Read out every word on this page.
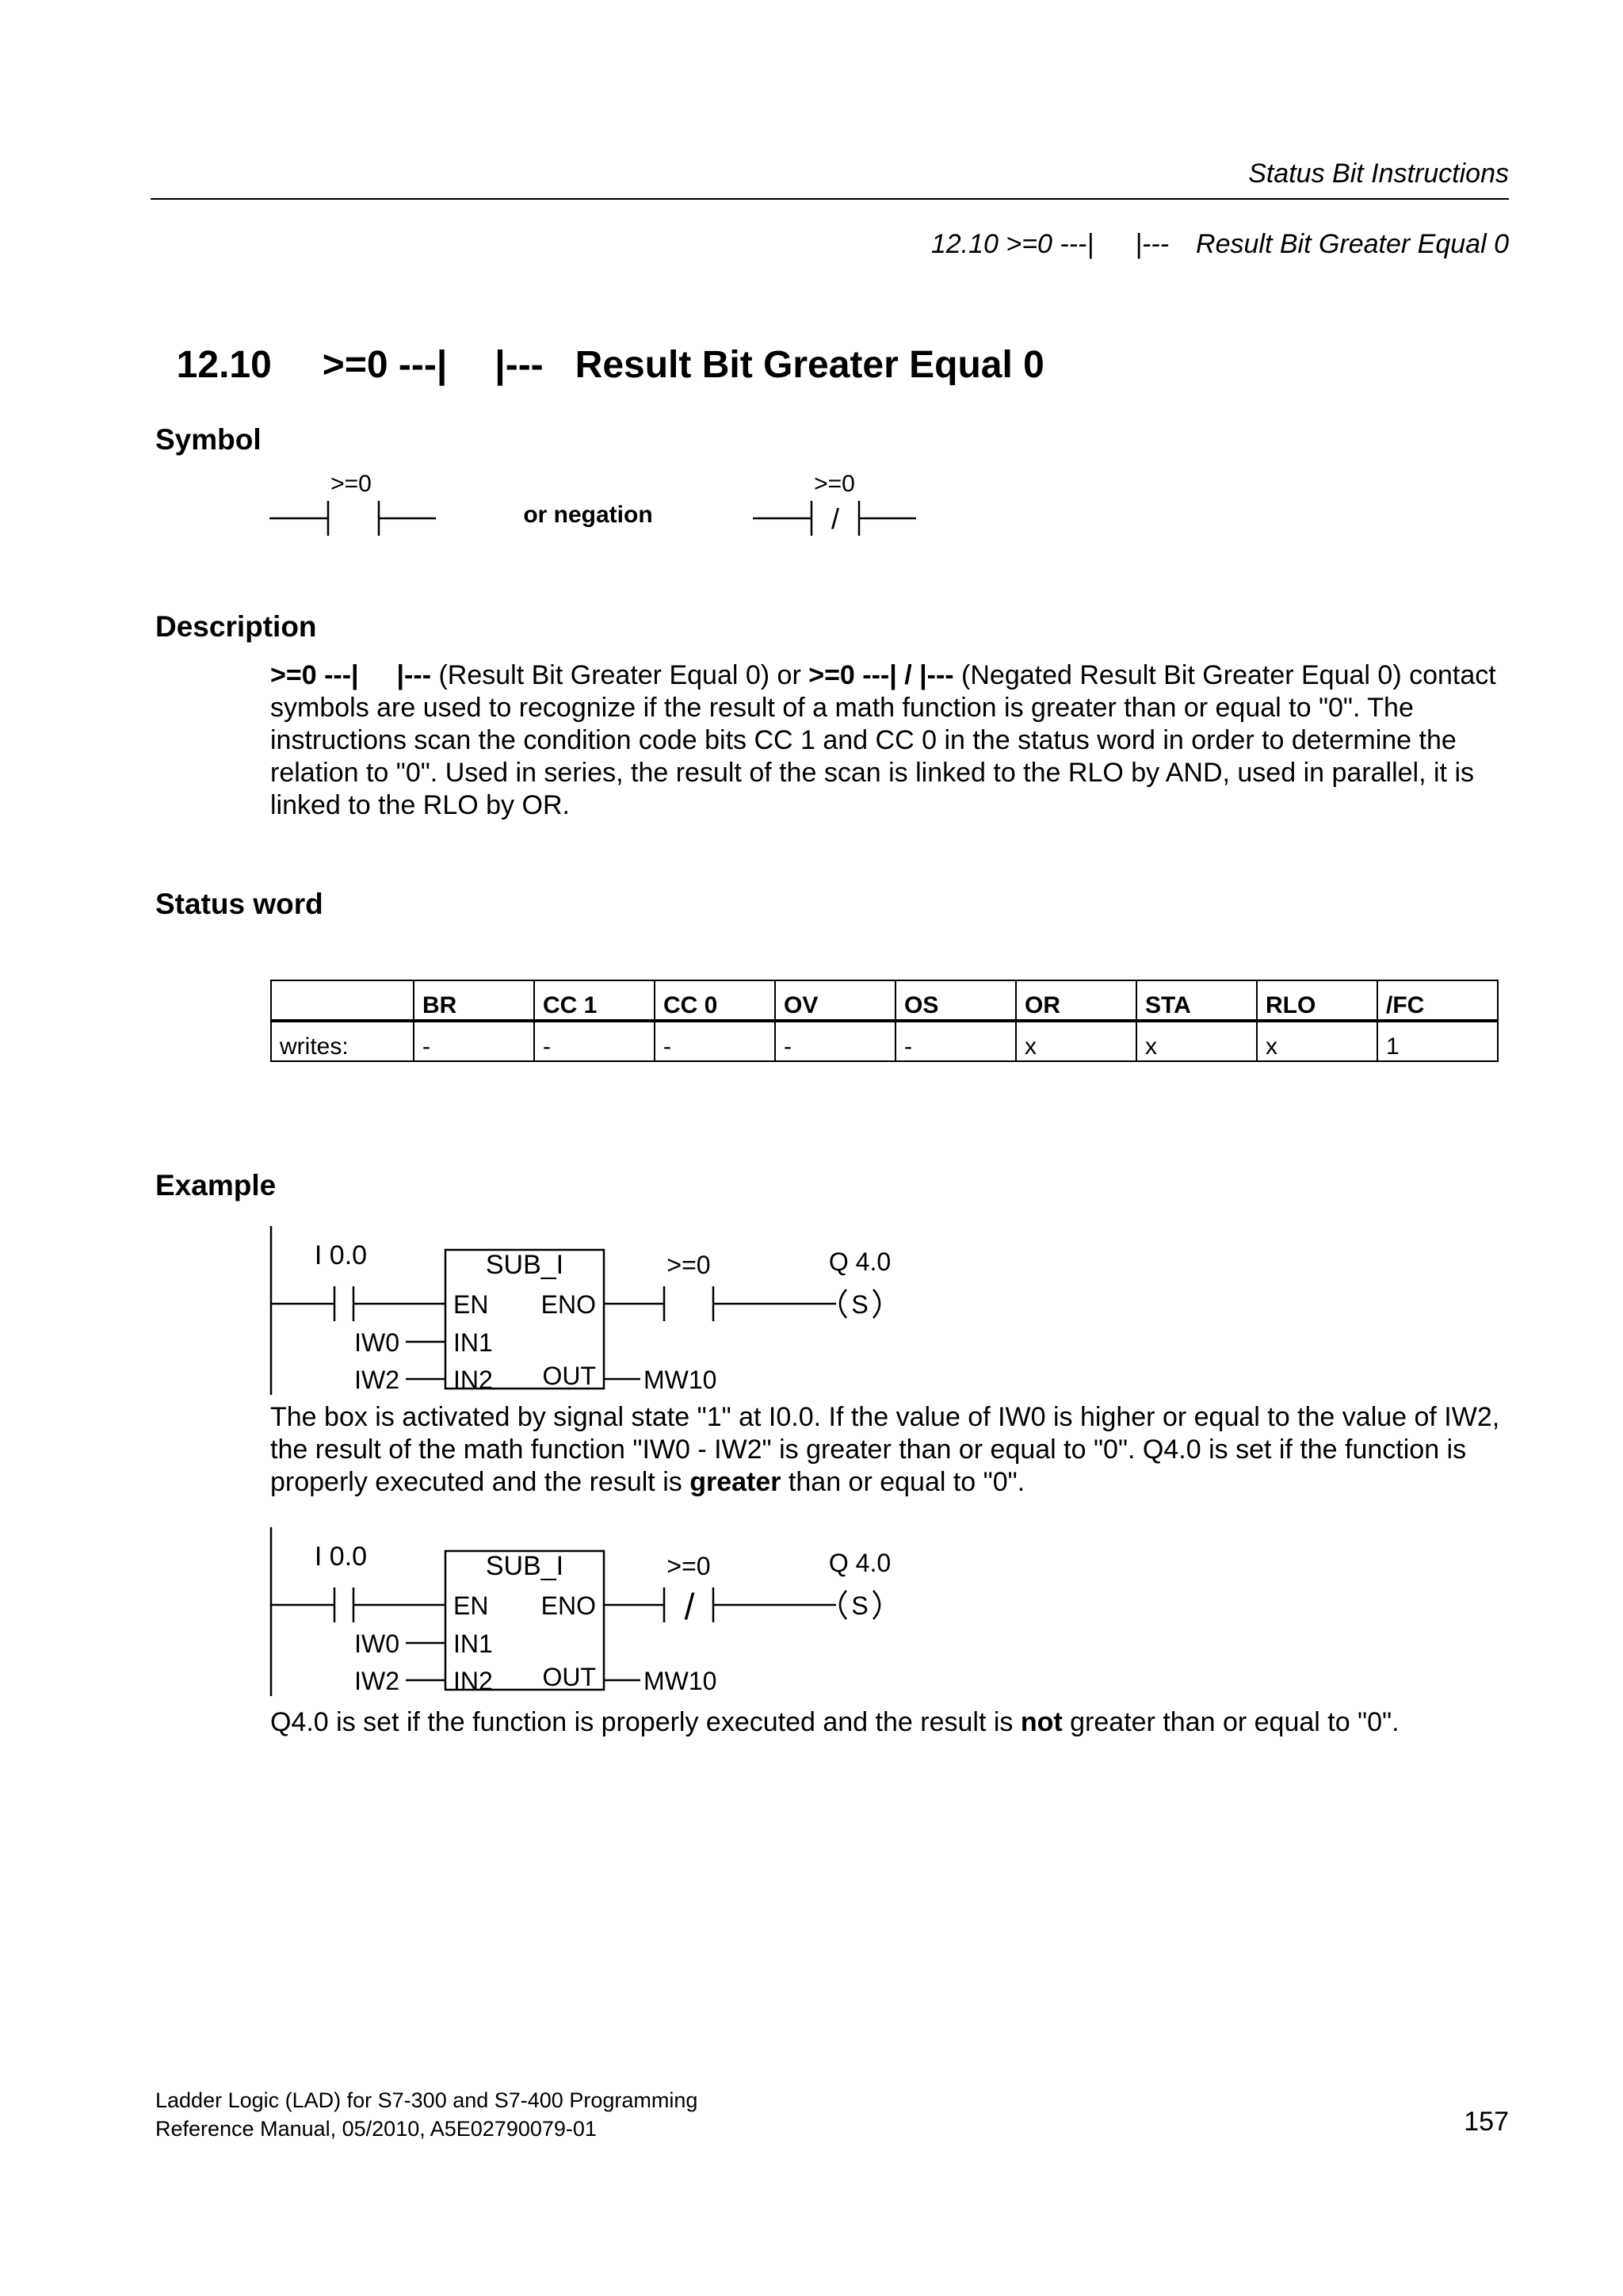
Status Bit Instructions

12.10 >=0 ---| |--- Result Bit Greater Equal 0

12.10 >=0 ---| |--- Result Bit Greater Equal 0

Symbol
>=0
or negation
>=0
/
Description
>=0 ---| |--- (Result Bit Greater Equal 0) or >=0 ---| / |--- (Negated Result Bit Greater Equal 0) contact symbols are used to recognize if the result of a math function is greater than or equal to "0". The instructions scan the condition code bits CC 1 and CC 0 in the status word in order to determine the relation to "0". Used in series, the result of the scan is linked to the RLO by AND, used in parallel, it is linked to the RLO by OR.
Status word
	BR	CC 1	CC 0	OV	OS	OR	STA	RLO	/FC
writes:	-	-	-	-	-	x	x	x	1
Example
I 0.0	SUB_I
EN ENO
IN1
IN2 OUT
IW0
IW2	MW10
>=0	Q 4.0
S
The box is activated by signal state "1" at I0.0. If the value of IW0 is higher or equal to the value of IW2, the result of the math function "IW0 - IW2" is greater than or equal to "0". Q4.0 is set if the function is properly executed and the result is greater than or equal to "0".
I 0.0	SUB_I
EN ENO
IN1
IN2 OUT
IW0
IW2	MW10
>=0
/
Q 4.0
S
Q4.0 is set if the function is properly executed and the result is not greater than or equal to "0".
Ladder Logic (LAD) for S7-300 and S7-400 Programming
Reference Manual, 05/2010, A5E02790079-01	157
